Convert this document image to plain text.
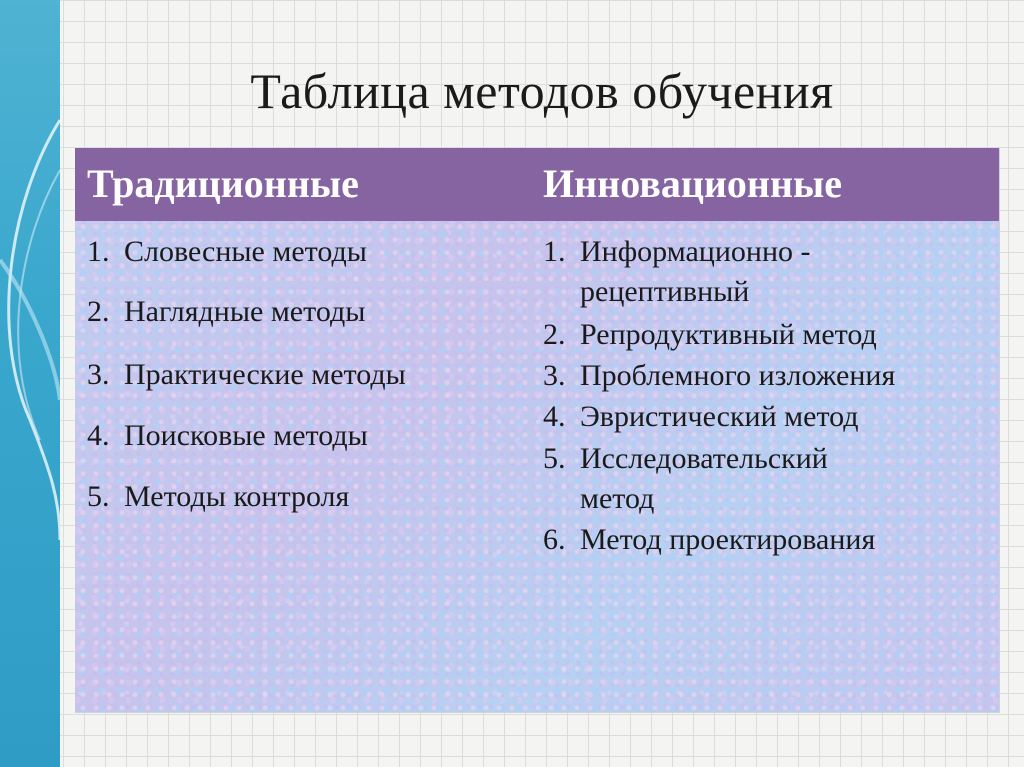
Таблица методов обучения
Традиционные	Инновационные
1. Словесные методы
2. Наглядные методы
3. Практические методы
4. Поисковые методы
5. Методы контроля
1. Информационно -
рецептивный
2. Репродуктивный метод
3. Проблемного изложения
4. Эвристический метод
5. Исследовательский
метод
6. Метод проектирования
